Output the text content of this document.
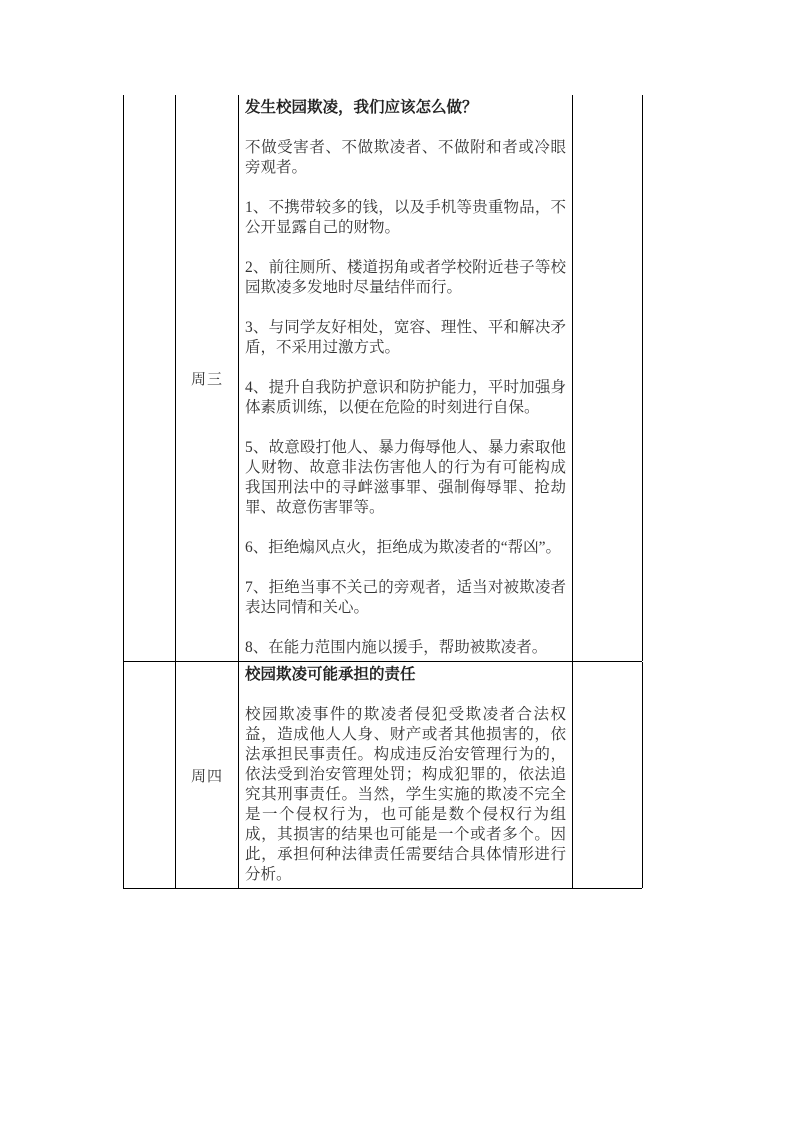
周三
发生校园欺凌，我们应该怎么做？

不做受害者、不做欺凌者、不做附和者或冷眼旁观者。

1、不携带较多的钱，以及手机等贵重物品，不公开显露自己的财物。

2、前往厕所、楼道拐角或者学校附近巷子等校园欺凌多发地时尽量结伴而行。

3、与同学友好相处，宽容、理性、平和解决矛盾，不采用过激方式。

4、提升自我防护意识和防护能力，平时加强身体素质训练，以便在危险的时刻进行自保。

5、故意殴打他人、暴力侮辱他人、暴力索取他人财物、故意非法伤害他人的行为有可能构成我国刑法中的寻衅滋事罪、强制侮辱罪、抢劫罪、故意伤害罪等。

6、拒绝煽风点火，拒绝成为欺凌者的“帮凶”。

7、拒绝当事不关己的旁观者，适当对被欺凌者表达同情和关心。

8、在能力范围内施以援手，帮助被欺凌者。

周四
校园欺凌可能承担的责任

校园欺凌事件的欺凌者侵犯受欺凌者合法权益，造成他人人身、财产或者其他损害的，依法承担民事责任。构成违反治安管理行为的，依法受到治安管理处罚；构成犯罪的，依法追究其刑事责任。当然，学生实施的欺凌不完全是一个侵权行为，也可能是数个侵权行为组成，其损害的结果也可能是一个或者多个。因此，承担何种法律责任需要结合具体情形进行分析。
